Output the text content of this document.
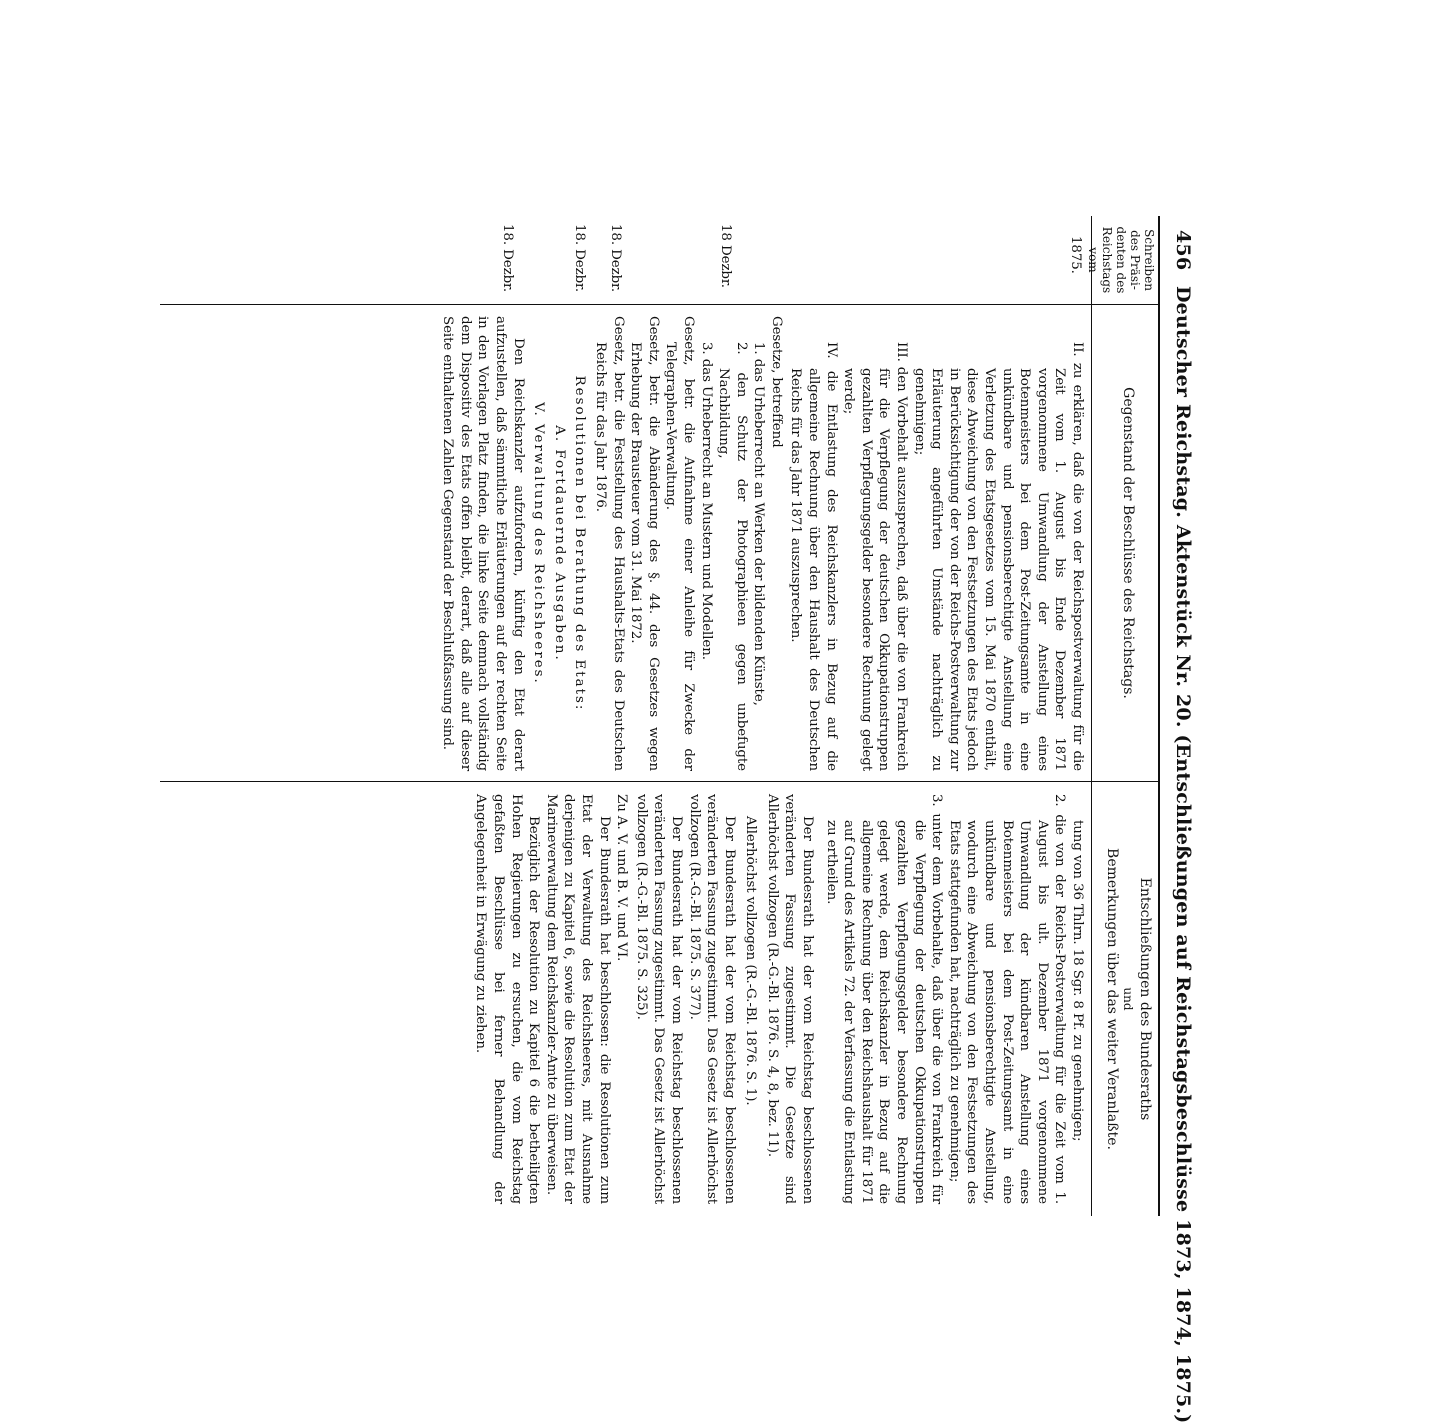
456
Deutscher Reichstag. Aktenstück Nr. 20. (Entschließungen auf Reichstagsbeschlüsse 1873, 1874, 1875.)
Schreiben
des Präsi-
denten des
Reichstags
vom
Gegenstand der Beschlüsse des Reichstags.
Entschließungen des Bundesraths
und
Bemerkungen über das weiter Veranlaßte.
1875.
18 Dezbr.
18. Dezbr.
18. Dezbr.
18. Dezbr.

II. zu erklären, daß die von der Reichspostverwaltung für die Zeit vom 1. August bis Ende Dezember 1871 vorgenommene Umwandlung der Anstellung eines Botenmeisters bei dem Post-Zeitungsamte in eine unkündbare und pensionsberechtigte Anstellung eine Verletzung des Etatsgesetzes vom 15. Mai 1870 enthält, diese Abweichung von den Festsetzungen des Etats jedoch in Berücksichtigung der von der Reichs-Postverwaltung zur Erläuterung angeführten Umstände nachträglich zu genehmigen;

III. den Vorbehalt auszusprechen, daß über die von Frankreich für die Verpflegung der deutschen Okkupationstruppen gezahlten Verpflegungsgelder besondere Rechnung gelegt werde;

IV. die Entlastung des Reichskanzlers in Bezug auf die allgemeine Rechnung über den Haushalt des Deutschen Reichs für das Jahr 1871 auszusprechen.

Gesetze, betreffend

1. das Urheberrecht an Werken der bildenden Künste,

2. den Schutz der Photographieen gegen unbefugte Nachbildung,

3. das Urheberrecht an Mustern und Modellen.

Gesetz, betr. die Aufnahme einer Anleihe für Zwecke der Telegraphen-Verwaltung.

Gesetz, betr. die Abänderung des §. 44. des Gesetzes wegen Erhebung der Brausteuer vom 31. Mai 1872.

Gesetz, betr. die Feststellung des Haushalts-Etats des Deutschen Reichs für das Jahr 1876.

Resolutionen bei Berathung des Etats:

A. Fortdauernde Ausgaben.

V. Verwaltung des Reichsheeres.

Den Reichskanzler aufzufordern, künftig den Etat derart aufzustellen, daß sämmtliche Erläuterungen auf der rechten Seite in den Vorlagen Platz finden, die linke Seite demnach vollständig dem Dispositiv des Etats offen bleibt, derart, daß alle auf dieser Seite enthaltenen Zahlen Gegenstand der Beschlußfassung sind.

tung von 36 Thlrn. 18 Sgr. 8 Pf. zu genehmigen;

2. die von der Reichs-Postverwaltung für die Zeit vom 1. August bis ult. Dezember 1871 vorgenommene Umwandlung der kündbaren Anstellung eines Botenmeisters bei dem Post-Zeitungsamt in eine unkündbare und pensionsberechtigte Anstellung, wodurch eine Abweichung von den Festsetzungen des Etats stattgefunden hat, nachträglich zu genehmigen;

3. unter dem Vorbehalte, daß über die von Frankreich für die Verpflegung der deutschen Okkupationstruppen gezahlten Verpflegungsgelder besondere Rechnung gelegt werde, dem Reichskanzler in Bezug auf die allgemeine Rechnung über den Reichshaushalt für 1871 auf Grund des Artikels 72. der Verfassung die Entlastung zu ertheilen.

Der Bundesrath hat der vom Reichstag beschlossenen veränderten Fassung zugestimmt. Die Gesetze sind Allerhöchst vollzogen (R.-G.-Bl. 1876. S. 4, 8, bez. 11).

Allerhöchst vollzogen (R.-G.-Bl. 1876. S. 1).

Der Bundesrath hat der vom Reichstag beschlossenen veränderten Fassung zugestimmt. Das Gesetz ist Allerhöchst vollzogen (R.-G.-Bl. 1875. S. 377).

Der Bundesrath hat der vom Reichstag beschlossenen veränderten Fassung zugestimmt. Das Gesetz ist Allerhöchst vollzogen (R.-G.-Bl. 1875. S. 325).

Zu A. V. und B. V. und VI.

Der Bundesrath hat beschlossen: die Resolutionen zum Etat der Verwaltung des Reichsheeres, mit Ausnahme derjenigen zu Kapitel 6, sowie die Resolution zum Etat der Marineverwaltung dem Reichskanzler-Amte zu überweisen.

Bezüglich der Resolution zu Kapitel 6 die betheiligten Hohen Regierungen zu ersuchen, die vom Reichstag gefaßten Beschlüsse bei ferner Behandlung der Angelegenheit in Erwägung zu ziehen.
